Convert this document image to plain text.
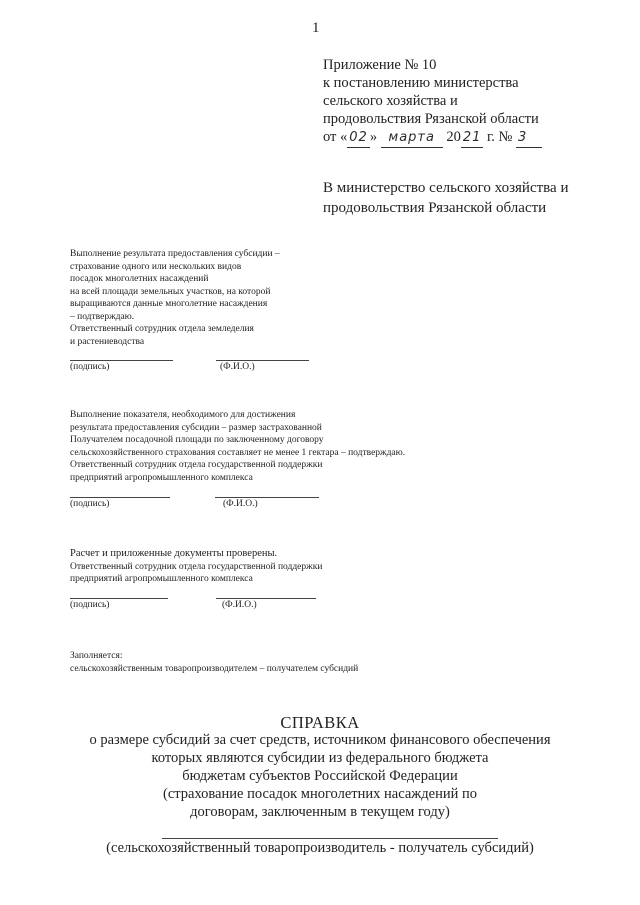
1
Приложение № 10
к постановлению министерства
сельского хозяйства и
продовольствия Рязанской области
от « 02 » марта 20 21 г. № 3
В министерство сельского хозяйства и
продовольствия Рязанской области
Выполнение результата предоставления субсидии –
страхование одного или нескольких видов
посадок многолетних насаждений
на всей площади земельных участков, на которой
выращиваются данные многолетние насаждения
– подтверждаю.
Ответственный сотрудник отдела земледелия
и растениеводства
(подпись)	(Ф.И.О.)
Выполнение показателя, необходимого для достижения
результата предоставления субсидии – размер застрахованной
Получателем посадочной площади по заключенному договору
сельскохозяйственного страхования составляет не менее 1 гектара – подтверждаю.
Ответственный сотрудник отдела государственной поддержки
предприятий агропромышленного комплекса
(подпись)	(Ф.И.О.)
Расчет и приложенные документы проверены.
Ответственный сотрудник отдела государственной поддержки
предприятий агропромышленного комплекса
(подпись)	(Ф.И.О.)
Заполняется:
сельскохозяйственным товаропроизводителем – получателем субсидий
СПРАВКА
о размере субсидий за счет средств, источником финансового обеспечения
которых являются субсидии из федерального бюджета
бюджетам субъектов Российской Федерации
(страхование посадок многолетних насаждений по
договорам, заключенным в текущем году)
(сельскохозяйственный товаропроизводитель - получатель субсидий)
